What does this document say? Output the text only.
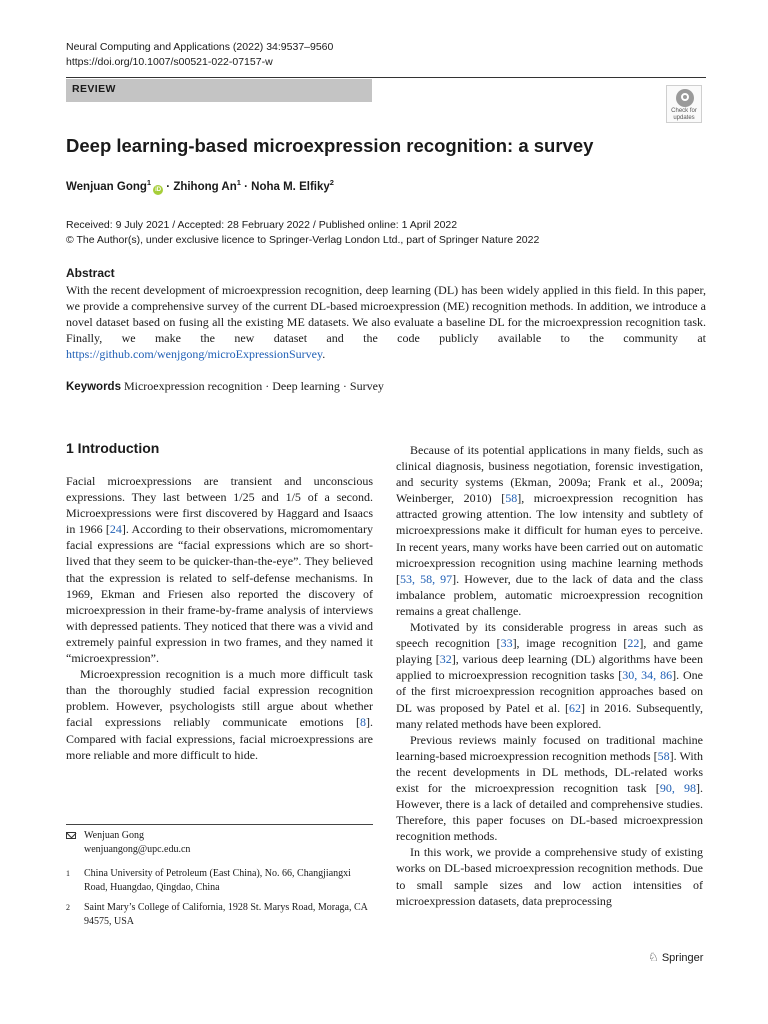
Neural Computing and Applications (2022) 34:9537–9560
https://doi.org/10.1007/s00521-022-07157-w
REVIEW
Check for
updates
Deep learning-based microexpression recognition: a survey
Wenjuan Gong$^1$iD · Zhihong $An^1$ · Noha M. Elfiky$^2$
Received: 9 July 2021 / Accepted: 28 February 2022 / Published online: 1 April 2022
© The Author(s), under exclusive licence to Springer-Verlag London Ltd., part of Springer Nature 2022
Abstract
With the recent development of microexpression recognition, deep learning (DL) has been widely applied in this field. In this paper, we provide a comprehensive survey of the current DL-based microexpression (ME) recognition methods. In addition, we introduce a novel dataset based on fusing all the existing ME datasets. We also evaluate a baseline DL for the microexpression recognition task. Finally, we make the new dataset and the code publicly available to the community at https://github.com/wenjgong/microExpressionSurvey.
Keywords Microexpression recognition · Deep learning · Survey
1 Introduction

Facial microexpressions are transient and unconscious expressions. They last between 1/25 and 1/5 of a second. Microexpressions were first discovered by Haggard and Isaacs in 1966 [24]. According to their observations, micromomentary facial expressions are “facial expressions which are so short-lived that they seem to be quicker-than-the-eye”. They believed that the expression is related to self-defense mechanisms. In 1969, Ekman and Friesen also reported the discovery of microexpression in their frame-by-frame analysis of interviews with depressed patients. They noticed that there was a vivid and extremely painful expression in two frames, and they named it “microexpression”.

Microexpression recognition is a much more difficult task than the thoroughly studied facial expression recognition problem. However, psychologists still argue about whether facial expressions reliably communicate emotions [8]. Compared with facial expressions, facial microexpressions are more reliable and more difficult to hide.

Because of its potential applications in many fields, such as clinical diagnosis, business negotiation, forensic investigation, and security systems (Ekman, 2009a; Frank et al., 2009a; Weinberger, 2010) [58], microexpression recognition has attracted growing attention. The low intensity and subtlety of microexpressions make it difficult for human eyes to perceive. In recent years, many works have been carried out on automatic microexpression recognition using machine learning methods [53, 58, 97]. However, due to the lack of data and the class imbalance problem, automatic microexpression recognition remains a great challenge.

Motivated by its considerable progress in areas such as speech recognition [33], image recognition [22], and game playing [32], various deep learning (DL) algorithms have been applied to microexpression recognition tasks [30, 34, 86]. One of the first microexpression recognition approaches based on DL was proposed by Patel et al. [62] in 2016. Subsequently, many related methods have been explored.

Previous reviews mainly focused on traditional machine learning-based microexpression recognition methods [58]. With the recent developments in DL methods, DL-related works exist for the microexpression recognition task [90, 98]. However, there is a lack of detailed and comprehensive studies. Therefore, this paper focuses on DL-based microexpression recognition methods.

In this work, we provide a comprehensive study of existing works on DL-based microexpression recognition methods. Due to small sample sizes and low action intensities of microexpression datasets, data preprocessing

Wenjuan Gong
wenjuangong@upc.edu.cn
1 China University of Petroleum (East China), No. 66, Changjiangxi Road, Huangdao, Qingdao, China
2 Saint Mary’s College of California, 1928 St. Marys Road, Moraga, CA 94575, USA
♘ Springer
